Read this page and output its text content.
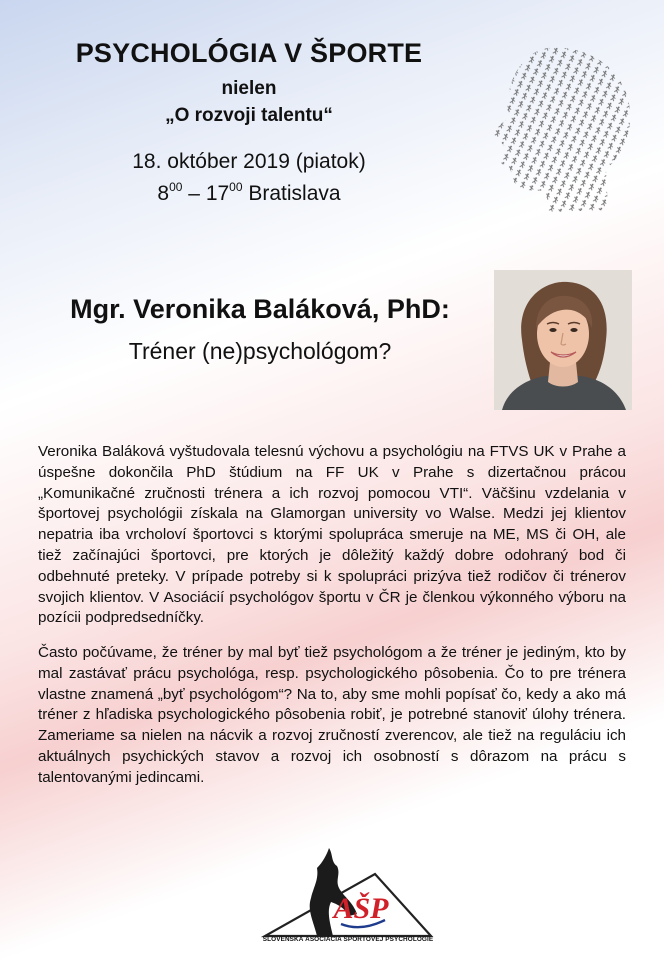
PSYCHOLÓGIA V ŠPORTE
nielen
„O rozvoji talentu“
18. október 2019 (piatok)
$8^{00} - 17^{00}$ Bratislava
Mgr. Veronika Baláková, PhD:
Tréner (ne)psychológom?
Veronika Baláková vyštudovala telesnú výchovu a psychológiu na FTVS UK v Prahe a úspešne dokončila PhD štúdium na FF UK v Prahe s dizertačnou prácou „Komunikačné zručnosti trénera a ich rozvoj pomocou VTI“. Väčšinu vzdelania v športovej psychológii získala na Glamorgan university vo Walse. Medzi jej klientov nepatria iba vrcholoví športovci s ktorými spolupráca smeruje na ME, MS či OH, ale tiež začínajúci športovci, pre ktorých je dôležitý každý dobre odohraný bod či odbehnuté preteky. V prípade potreby si k spolupráci prizýva tiež rodičov či trénerov svojich klientov. V Asociácií psychológov športu v ČR je členkou výkonného výboru na pozícii podpredsedníčky.
Často počúvame, že tréner by mal byť tiež psychológom a že tréner je jediným, kto by mal zastávať prácu psychológa, resp. psychologického pôsobenia. Čo to pre trénera vlastne znamená „byť psychológom“? Na to, aby sme mohli popísať čo, kedy a ako má tréner z hľadiska psychologického pôsobenia robiť, je potrebné stanoviť úlohy trénera. Zameriame sa nielen na nácvik a rozvoj zručností zverencov, ale tiež na reguláciu ich aktuálnych psychických stavov a rozvoj ich osobností s dôrazom na prácu s talentovanými jedincami.
AŠP
SLOVENSKÁ ASOCIÁCIA ŠPORTOVEJ PSYCHOLÓGIE
